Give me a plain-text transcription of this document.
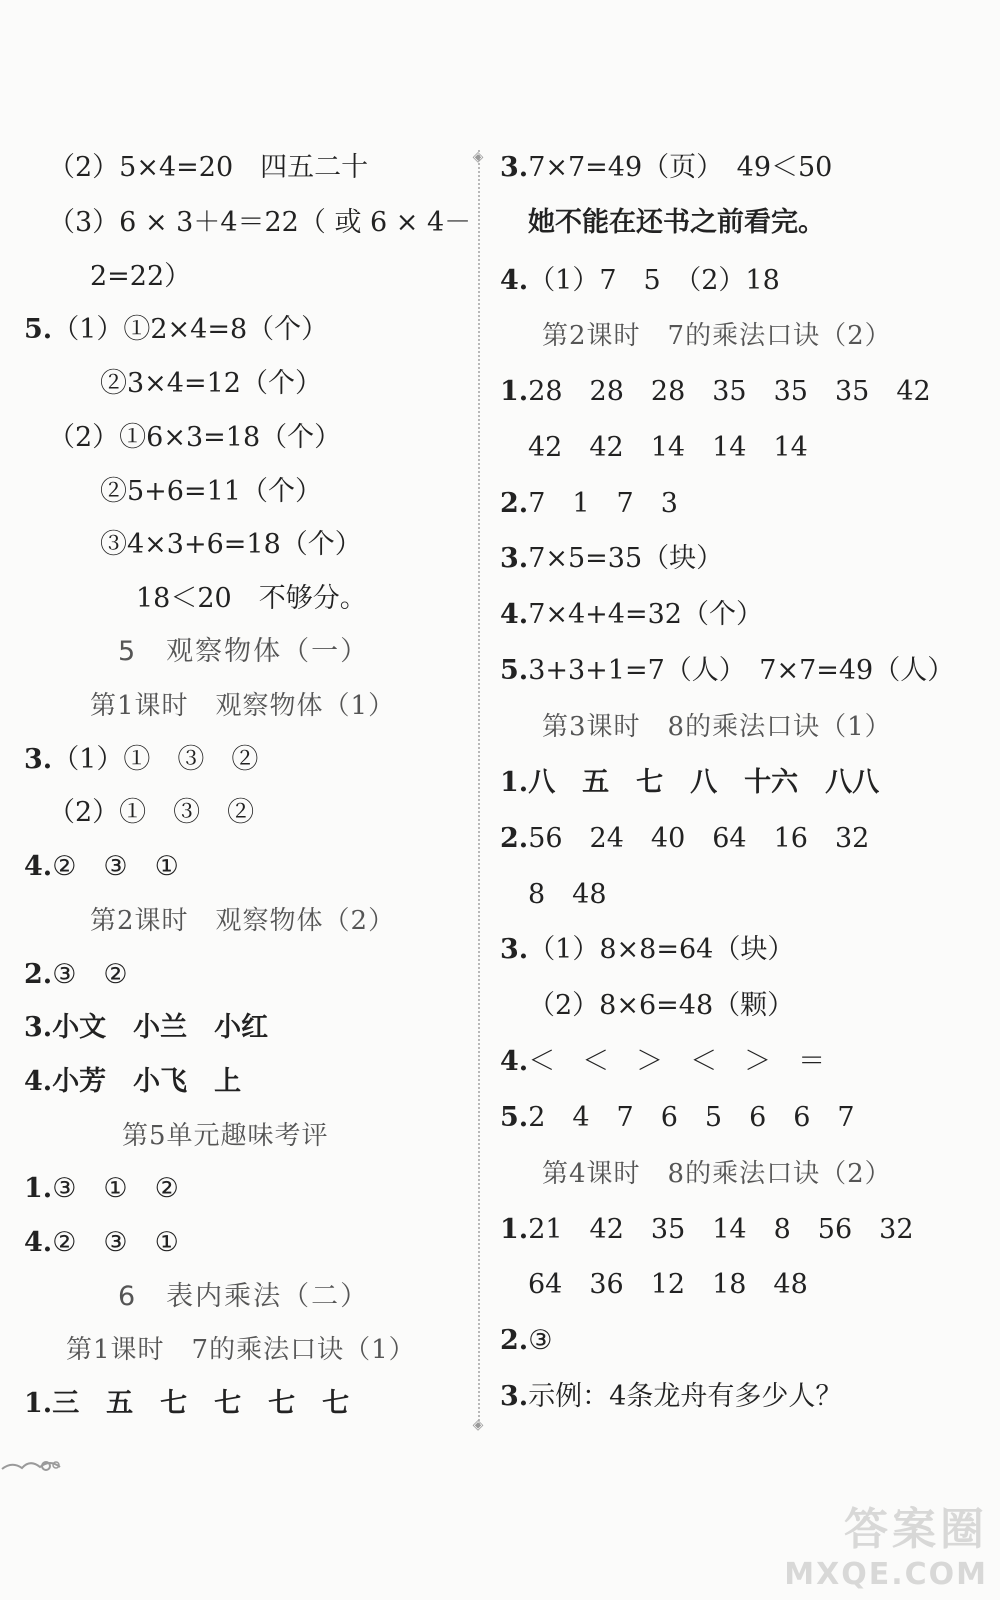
（2）5×4=20　四五二十
（3）6 × 3＋4＝22（ 或 6 × 4－
2=22）
5.（1）①2×4=8（个）
②3×4=12（个）
（2）①6×3=18（个）
②5+6=11（个）
③4×3+6=18（个）
18＜20　不够分。
5　观察物体（一）
第1课时　观察物体（1）
3.（1）①　③　②
（2）①　③　②
4.②　③　①
第2课时　观察物体（2）
2.③　②
3.小文　小兰　小红
4.小芳　小飞　上
第5单元趣味考评
1.③　①　②
4.②　③　①
6　表内乘法（二）
第1课时　7的乘法口诀（1）
1.三　五　七　七　七　七
◈
◈
3.7×7=49（页）　49＜50
她不能在还书之前看完。
4.（1）7　5　（2）18
第2课时　7的乘法口诀（2）
1.28　28　28　35　35　35　42
42　42　14　14　14
2.7　1　7　3
3.7×5=35（块）
4.7×4+4=32（个）
5.3+3+1=7（人）　7×7=49（人）
第3课时　8的乘法口诀（1）
1.八　五　七　八　十六　八八
2.56　24　40　64　16　32
8　48
3.（1）8×8=64（块）
（2）8×6=48（颗）
4.＜　＜　＞　＜　＞　＝
5.2　4　7　6　5　6　6　7
第4课时　8的乘法口诀（2）
1.21　42　35　14　8　56　32
64　36　12　18　48
2.③
3.示例：4条龙舟有多少人？
答案圈
MXQE.COM
